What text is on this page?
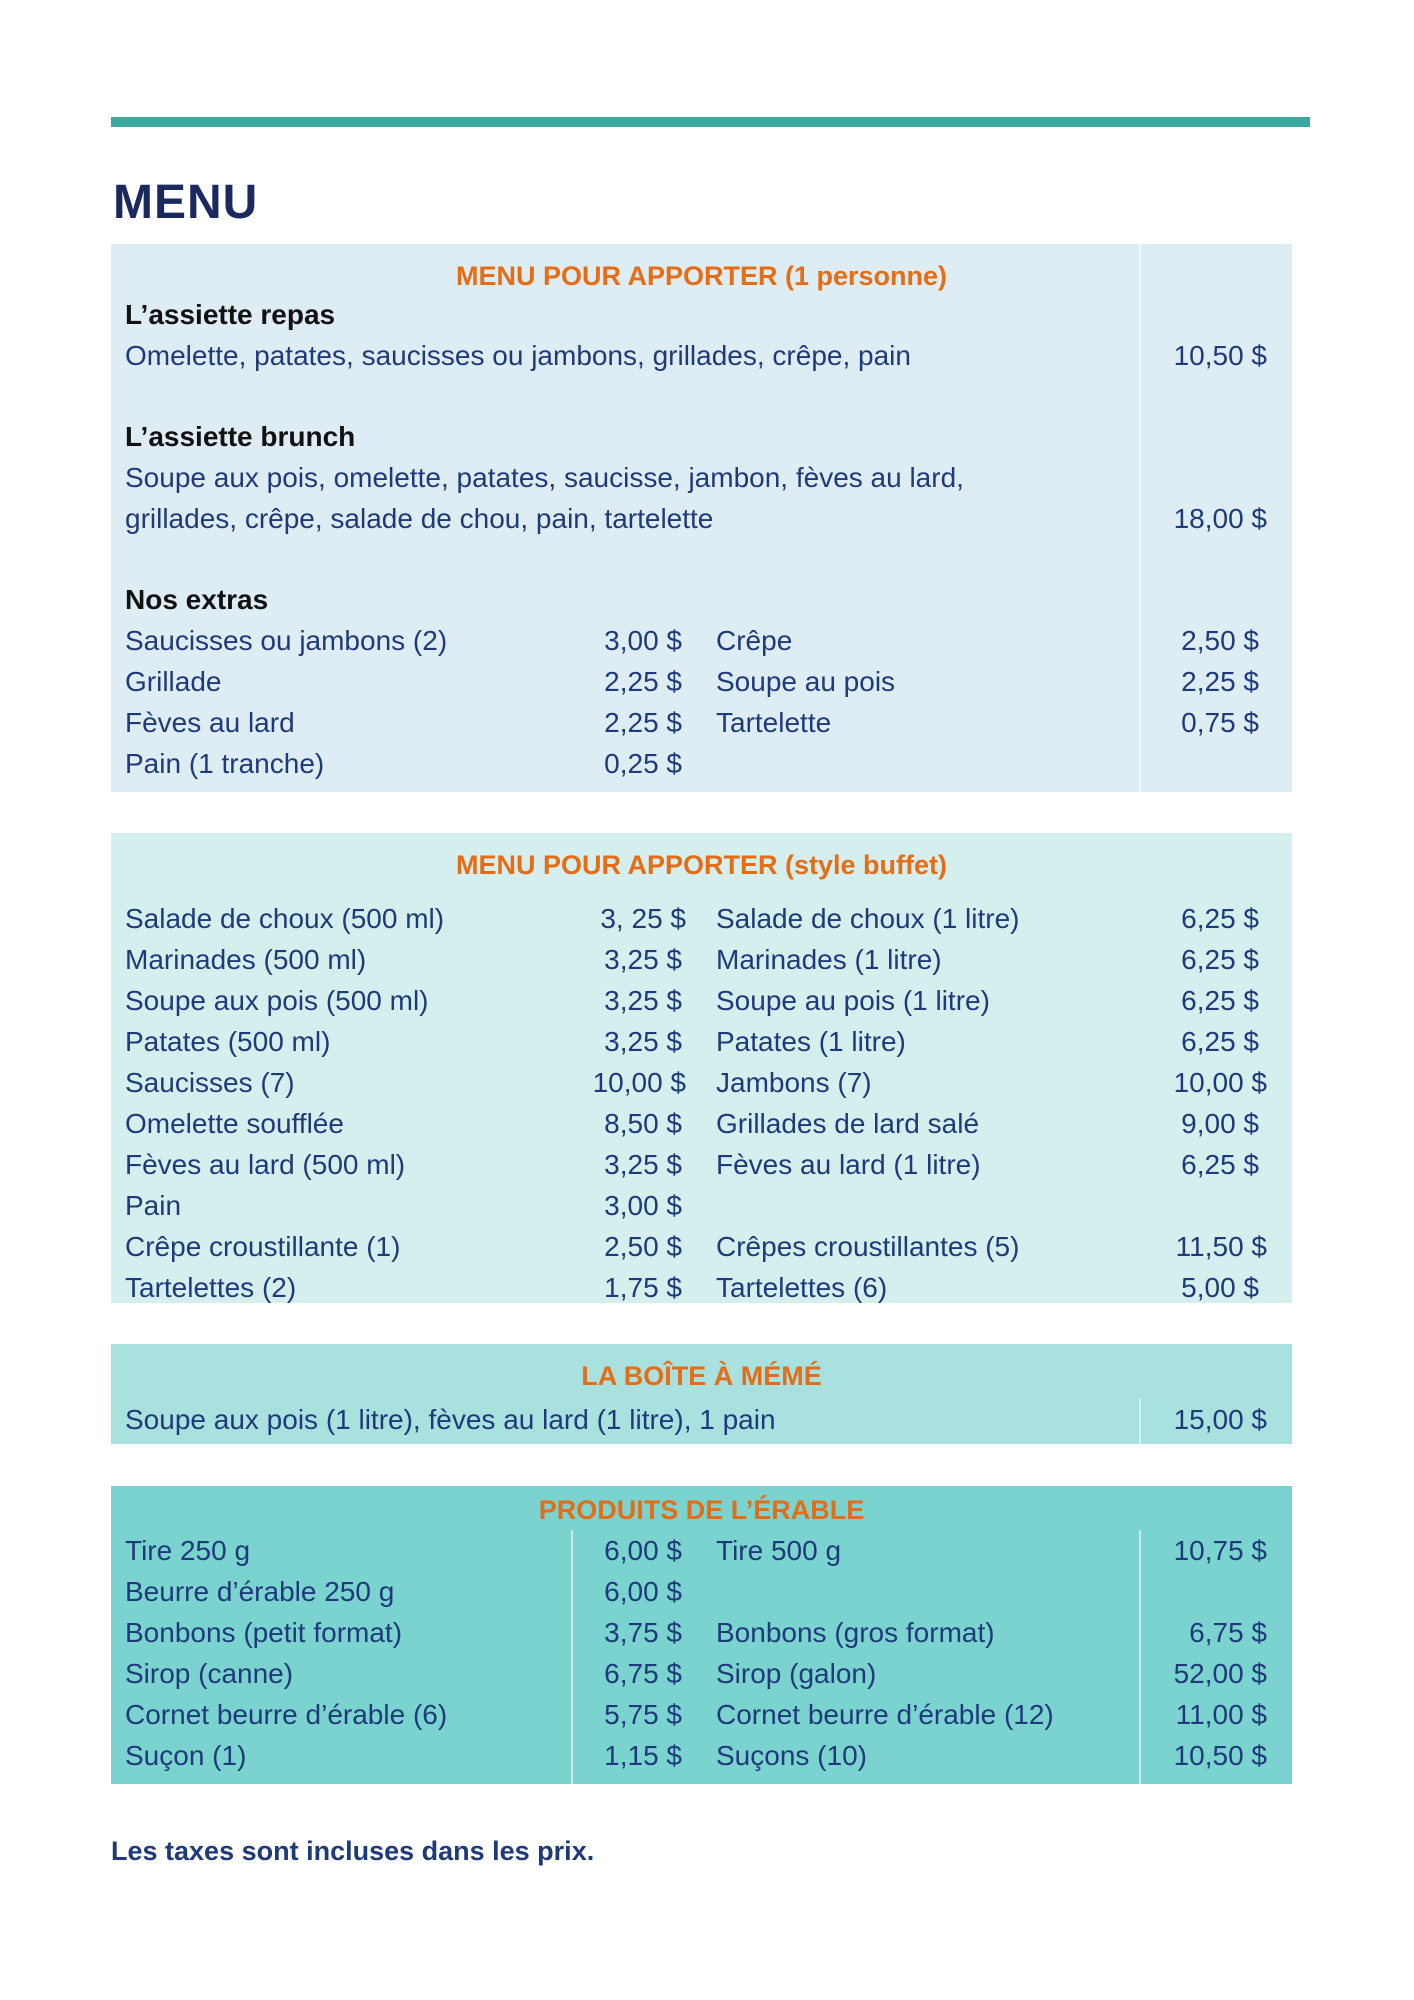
MENU
MENU POUR APPORTER (1 personne)
L’assiette repas
Omelette, patates, saucisses ou jambons, grillades, crêpe, pain	10,50 $
L’assiette brunch
Soupe aux pois, omelette, patates, saucisse, jambon, fèves au lard,
grillades, crêpe, salade de chou, pain, tartelette	18,00 $
Nos extras
Saucisses ou jambons (2)	3,00 $ Crêpe	2,50 $
Grillade	2,25 $ Soupe au pois	2,25 $
Fèves au lard	2,25 $ Tartelette	0,75 $
Pain (1 tranche)	0,25 $
MENU POUR APPORTER (style buffet)
Salade de choux (500 ml)	3, 25 $ Salade de choux (1 litre)	6,25 $
Marinades (500 ml)	3,25 $ Marinades (1 litre)	6,25 $
Soupe aux pois (500 ml)	3,25 $ Soupe au pois (1 litre)	6,25 $
Patates (500 ml)	3,25 $ Patates (1 litre)	6,25 $
Saucisses (7)	10,00 $ Jambons (7)	10,00 $
Omelette soufflée	8,50 $ Grillades de lard salé	9,00 $
Fèves au lard (500 ml)	3,25 $ Fèves au lard (1 litre)	6,25 $
Pain	3,00 $
Crêpe croustillante (1)	2,50 $ Crêpes croustillantes (5)	11,50 $
Tartelettes (2)	1,75 $ Tartelettes (6)	5,00 $
LA BOÎTE À MÉMÉ
Soupe aux pois (1 litre), fèves au lard (1 litre), 1 pain	15,00 $
PRODUITS DE L’ÉRABLE
Tire 250 g	6,00 $ Tire 500 g	10,75 $
Beurre d’érable 250 g	6,00 $
Bonbons (petit format)	3,75 $ Bonbons (gros format)	6,75 $
Sirop (canne)	6,75 $ Sirop (galon)	52,00 $
Cornet beurre d’érable (6)	5,75 $ Cornet beurre d’érable (12)	11,00 $
Suçon (1)	1,15 $ Suçons (10)	10,50 $

Les taxes sont incluses dans les prix.
